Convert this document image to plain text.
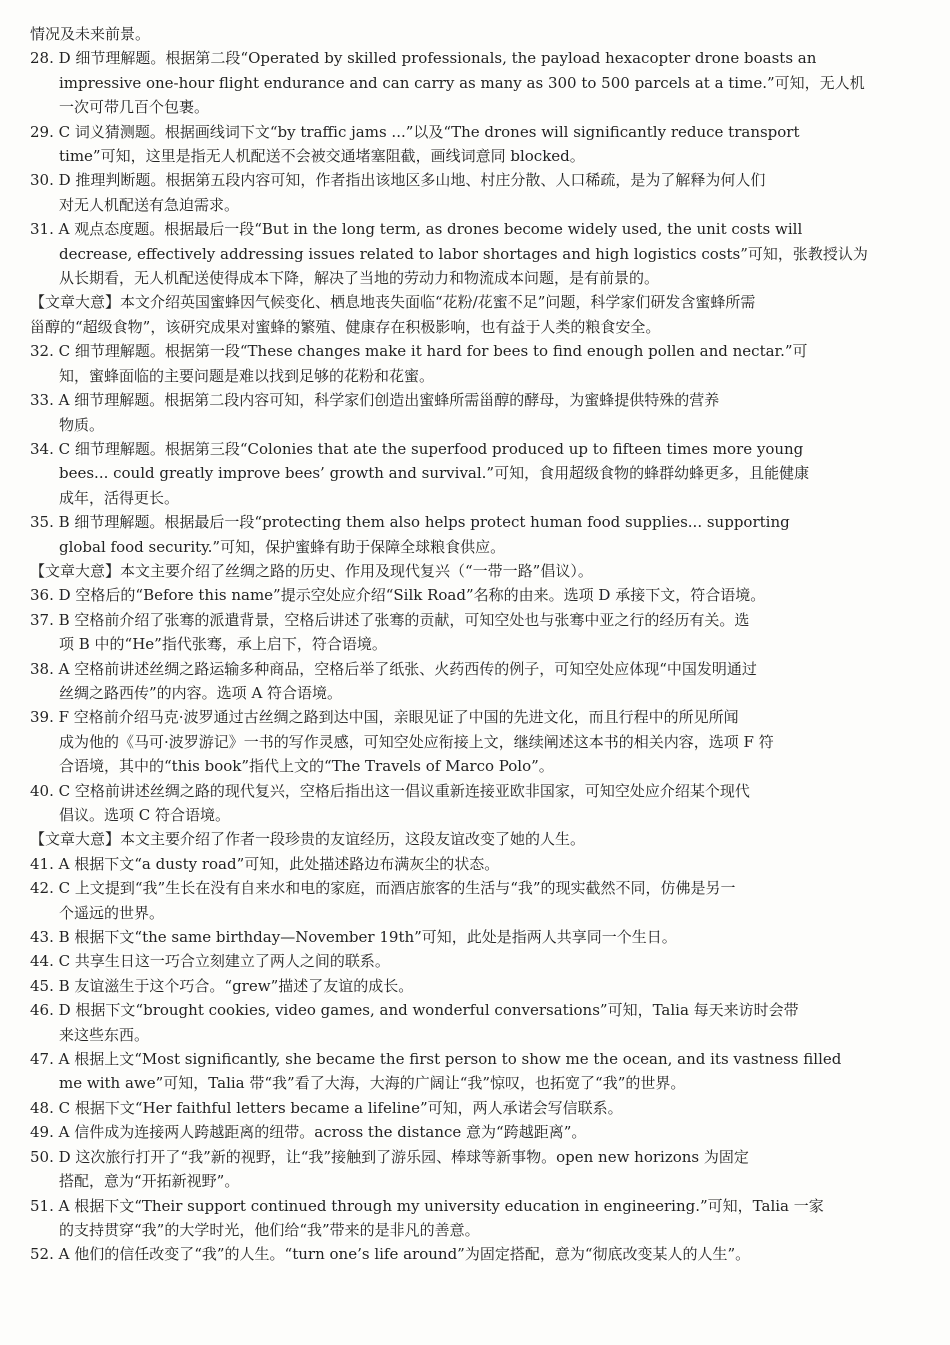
情况及未来前景。
28. D 细节理解题。根据第二段“Operated by skilled professionals, the payload hexacopter drone boasts an
impressive one-hour flight endurance and can carry as many as 300 to 500 parcels at a time.”可知，无人机
一次可带几百个包裹。
29. C 词义猜测题。根据画线词下文“by traffic jams ...”以及“The drones will significantly reduce transport
time”可知，这里是指无人机配送不会被交通堵塞阻截，画线词意同 blocked。
30. D 推理判断题。根据第五段内容可知，作者指出该地区多山地、村庄分散、人口稀疏，是为了解释为何人们
对无人机配送有急迫需求。
31. A 观点态度题。根据最后一段“But in the long term, as drones become widely used, the unit costs will
decrease, effectively addressing issues related to labor shortages and high logistics costs”可知，张教授认为
从长期看，无人机配送使得成本下降，解决了当地的劳动力和物流成本问题，是有前景的。
【文章大意】本文介绍英国蜜蜂因气候变化、栖息地丧失面临“花粉/花蜜不足”问题，科学家们研发含蜜蜂所需
甾醇的“超级食物”，该研究成果对蜜蜂的繁殖、健康存在积极影响，也有益于人类的粮食安全。
32. C 细节理解题。根据第一段“These changes make it hard for bees to find enough pollen and nectar.”可
知，蜜蜂面临的主要问题是难以找到足够的花粉和花蜜。
33. A 细节理解题。根据第二段内容可知，科学家们创造出蜜蜂所需甾醇的酵母，为蜜蜂提供特殊的营养
物质。
34. C 细节理解题。根据第三段“Colonies that ate the superfood produced up to fifteen times more young
bees... could greatly improve bees’ growth and survival.”可知，食用超级食物的蜂群幼蜂更多，且能健康
成年，活得更长。
35. B 细节理解题。根据最后一段“protecting them also helps protect human food supplies... supporting
global food security.”可知，保护蜜蜂有助于保障全球粮食供应。
【文章大意】本文主要介绍了丝绸之路的历史、作用及现代复兴（“一带一路”倡议）。
36. D 空格后的“Before this name”提示空处应介绍“Silk Road”名称的由来。选项 D 承接下文，符合语境。
37. B 空格前介绍了张骞的派遣背景，空格后讲述了张骞的贡献，可知空处也与张骞中亚之行的经历有关。选
项 B 中的“He”指代张骞，承上启下，符合语境。
38. A 空格前讲述丝绸之路运输多种商品，空格后举了纸张、火药西传的例子，可知空处应体现“中国发明通过
丝绸之路西传”的内容。选项 A 符合语境。
39. F 空格前介绍马克·波罗通过古丝绸之路到达中国，亲眼见证了中国的先进文化，而且行程中的所见所闻
成为他的《马可·波罗游记》一书的写作灵感，可知空处应衔接上文，继续阐述这本书的相关内容，选项 F 符
合语境，其中的“this book”指代上文的“The Travels of Marco Polo”。
40. C 空格前讲述丝绸之路的现代复兴，空格后指出这一倡议重新连接亚欧非国家，可知空处应介绍某个现代
倡议。选项 C 符合语境。
【文章大意】本文主要介绍了作者一段珍贵的友谊经历，这段友谊改变了她的人生。
41. A 根据下文“a dusty road”可知，此处描述路边布满灰尘的状态。
42. C 上文提到“我”生长在没有自来水和电的家庭，而酒店旅客的生活与“我”的现实截然不同，仿佛是另一
个遥远的世界。
43. B 根据下文“the same birthday—November 19th”可知，此处是指两人共享同一个生日。
44. C 共享生日这一巧合立刻建立了两人之间的联系。
45. B 友谊滋生于这个巧合。“grew”描述了友谊的成长。
46. D 根据下文“brought cookies, video games, and wonderful conversations”可知，Talia 每天来访时会带
来这些东西。
47. A 根据上文“Most significantly, she became the first person to show me the ocean, and its vastness filled
me with awe”可知，Talia 带“我”看了大海，大海的广阔让“我”惊叹，也拓宽了“我”的世界。
48. C 根据下文“Her faithful letters became a lifeline”可知，两人承诺会写信联系。
49. A 信件成为连接两人跨越距离的纽带。across the distance 意为“跨越距离”。
50. D 这次旅行打开了“我”新的视野，让“我”接触到了游乐园、棒球等新事物。open new horizons 为固定
搭配，意为“开拓新视野”。
51. A 根据下文“Their support continued through my university education in engineering.”可知，Talia 一家
的支持贯穿“我”的大学时光，他们给“我”带来的是非凡的善意。
52. A 他们的信任改变了“我”的人生。“turn one’s life around”为固定搭配，意为“彻底改变某人的人生”。
